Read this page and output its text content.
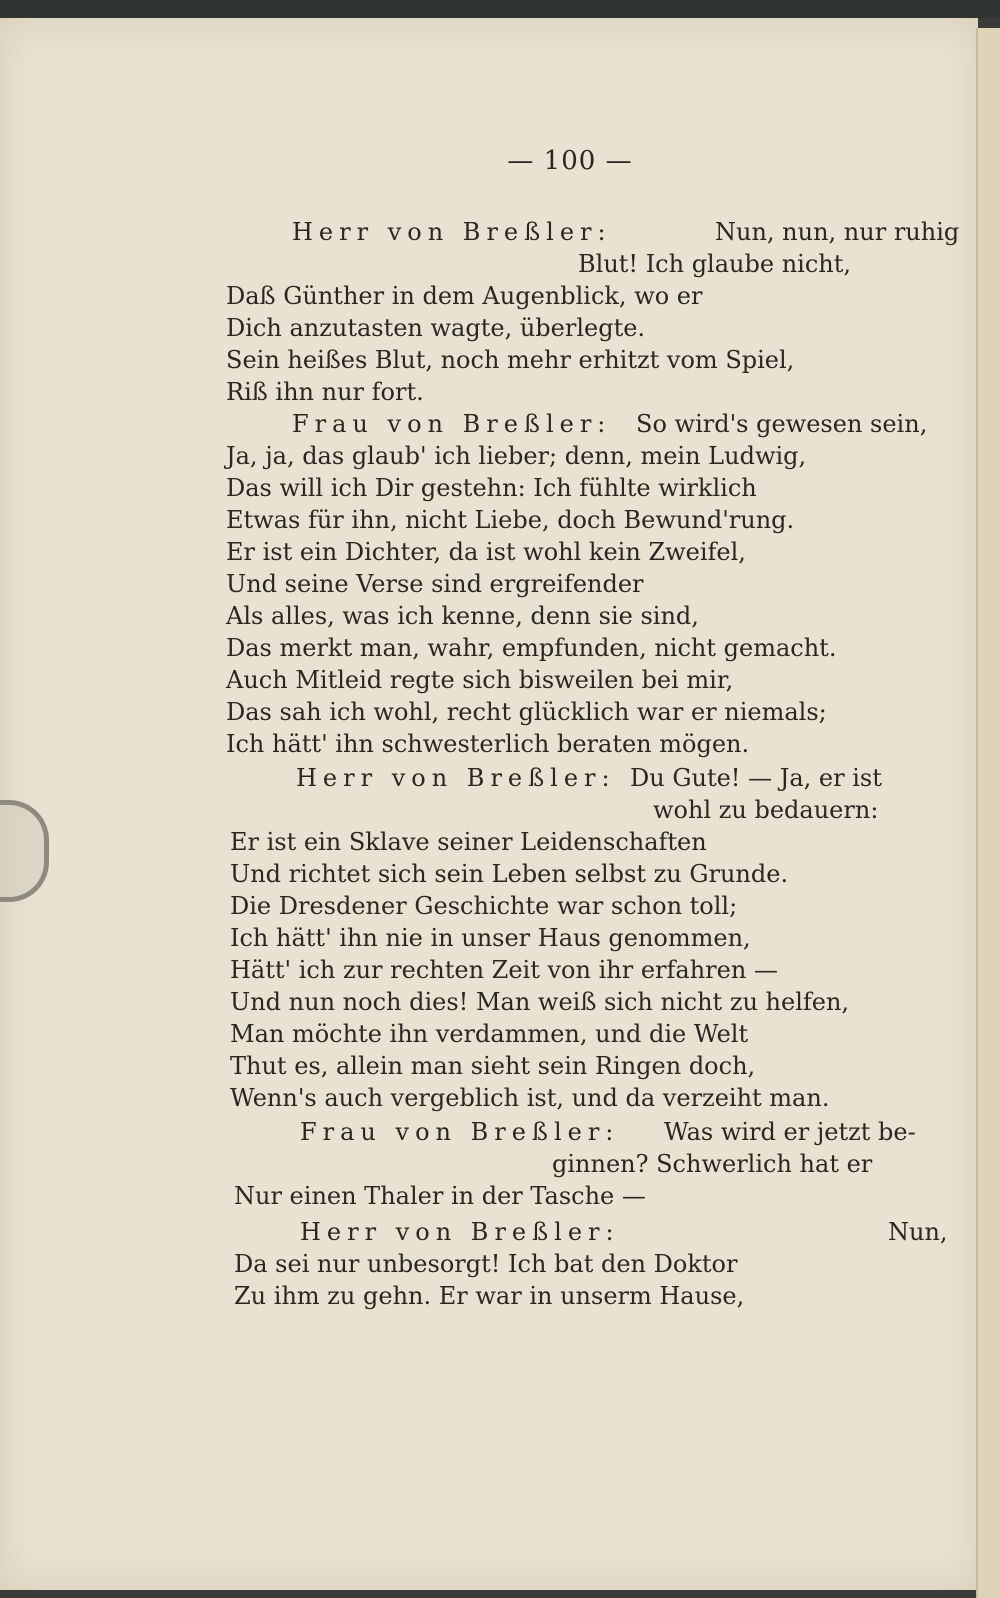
— 100 —
Herr von Breßler:	Nun, nun, nur ruhig
Blut! Ich glaube nicht,
Daß Günther in dem Augenblick, wo er
Dich anzutasten wagte, überlegte.
Sein heißes Blut, noch mehr erhitzt vom Spiel,
Riß ihn nur fort.
Frau von Breßler: So wird's gewesen sein,
Ja, ja, das glaub' ich lieber; denn, mein Ludwig,
Das will ich Dir gestehn: Ich fühlte wirklich
Etwas für ihn, nicht Liebe, doch Bewund'rung.
Er ist ein Dichter, da ist wohl kein Zweifel,
Und seine Verse sind ergreifender
Als alles, was ich kenne, denn sie sind,
Das merkt man, wahr, empfunden, nicht gemacht.
Auch Mitleid regte sich bisweilen bei mir,
Das sah ich wohl, recht glücklich war er niemals;
Ich hätt' ihn schwesterlich beraten mögen.
Herr von Breßler: Du Gute! — Ja, er ist
wohl zu bedauern:
Er ist ein Sklave seiner Leidenschaften
Und richtet sich sein Leben selbst zu Grunde.
Die Dresdener Geschichte war schon toll;
Ich hätt' ihn nie in unser Haus genommen,
Hätt' ich zur rechten Zeit von ihr erfahren —
Und nun noch dies! Man weiß sich nicht zu helfen,
Man möchte ihn verdammen, und die Welt
Thut es, allein man sieht sein Ringen doch,
Wenn's auch vergeblich ist, und da verzeiht man.
Frau von Breßler: Was wird er jetzt be-
ginnen? Schwerlich hat er
Nur einen Thaler in der Tasche —
Herr von Breßler:	Nun,
Da sei nur unbesorgt! Ich bat den Doktor
Zu ihm zu gehn. Er war in unserm Hause,
